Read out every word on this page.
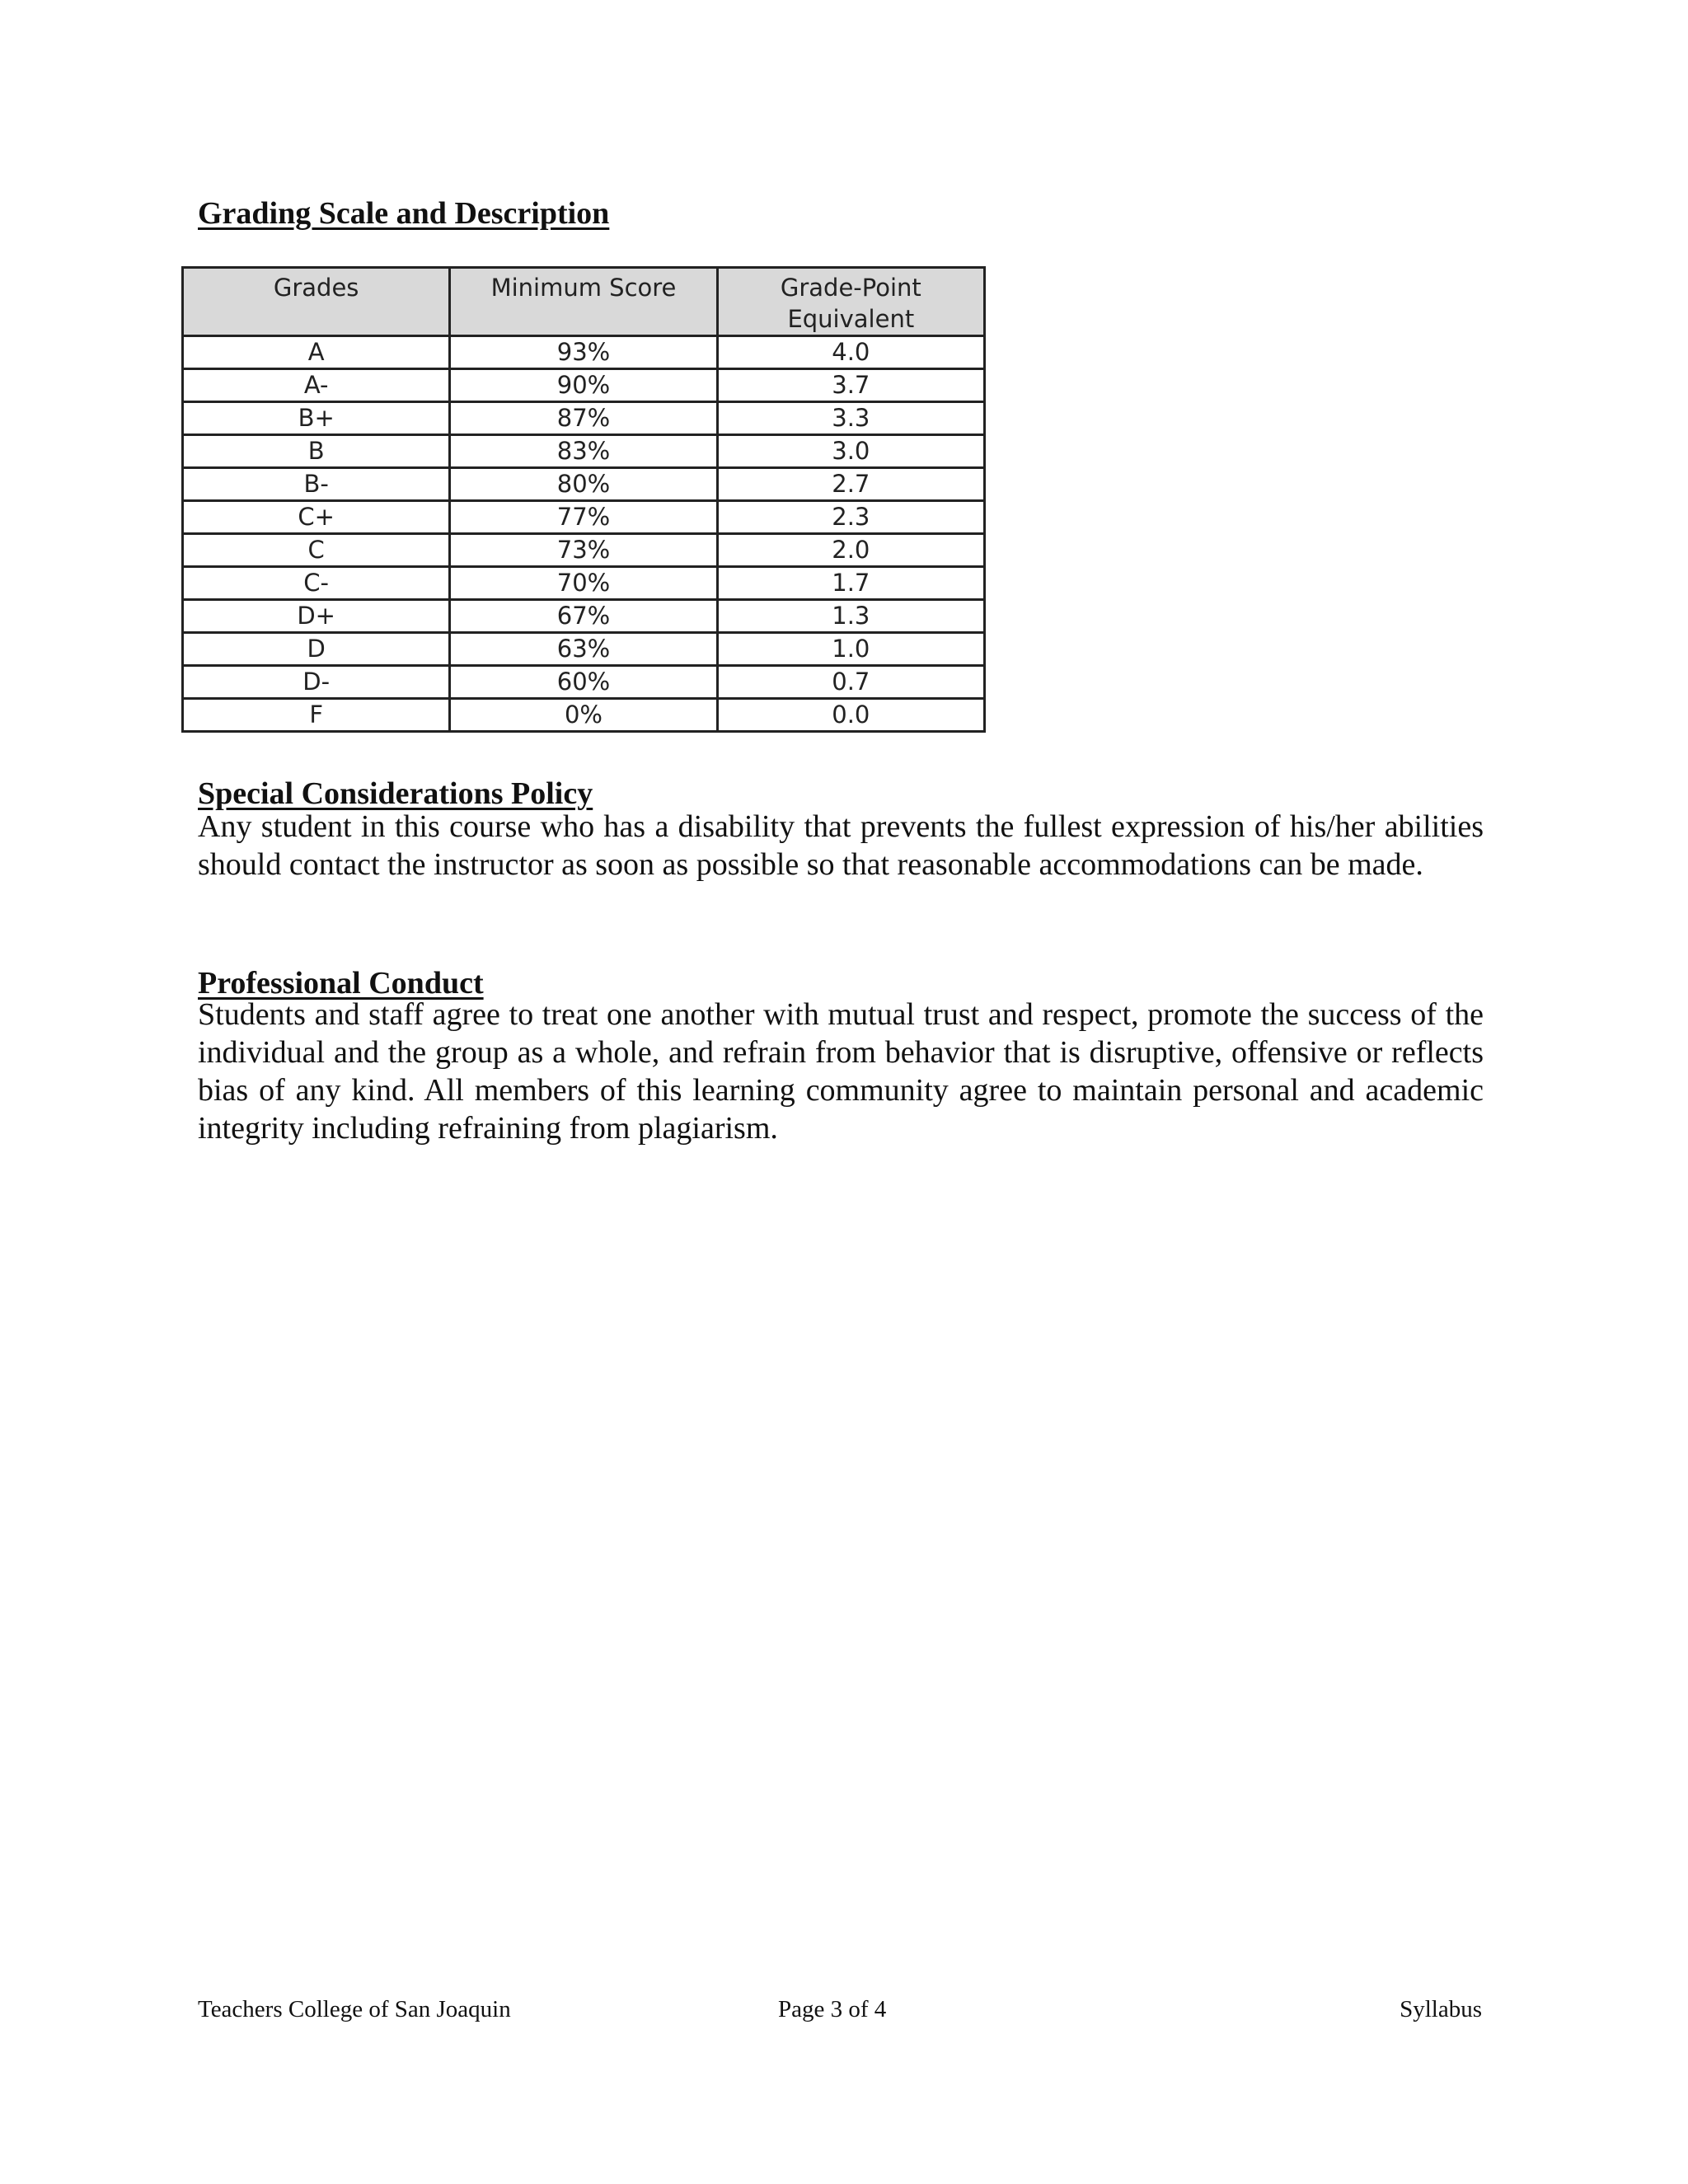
Grading Scale and Description
Grades	Minimum Score	Grade-Point Equivalent
A	93%	4.0
A-	90%	3.7
B+	87%	3.3
B	83%	3.0
B-	80%	2.7
C+	77%	2.3
C	73%	2.0
C-	70%	1.7
D+	67%	1.3
D	63%	1.0
D-	60%	0.7
F	0%	0.0
Special Considerations Policy

Any student in this course who has a disability that prevents the fullest expression of his/her abilities should contact the instructor as soon as possible so that reasonable accommodations can be made.

Professional Conduct

Students and staff agree to treat one another with mutual trust and respect, promote the success of the individual and the group as a whole, and refrain from behavior that is disruptive, offensive or reflects bias of any kind. All members of this learning community agree to maintain personal and academic integrity including refraining from plagiarism.

Teachers College of San Joaquin	Page 3 of 4	Syllabus
